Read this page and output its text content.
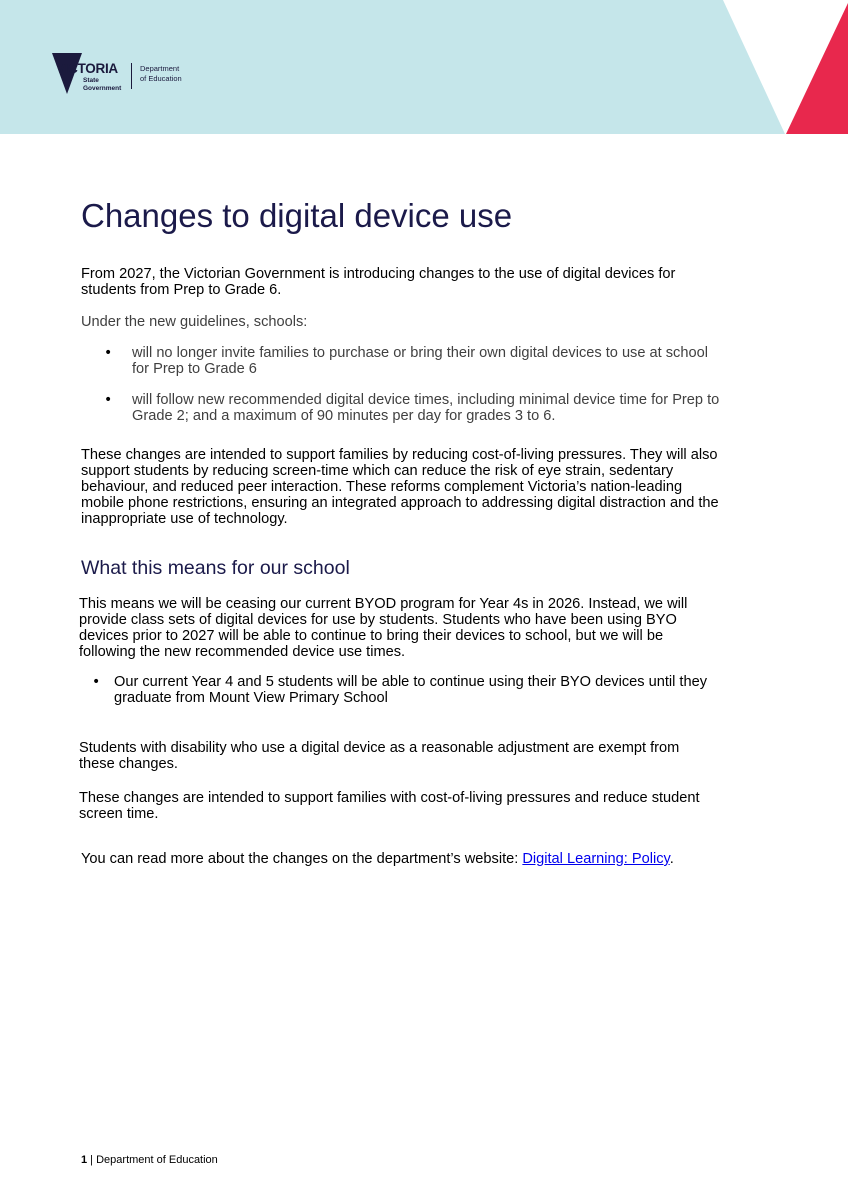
VICTORIA
State
Government
Department
of Education
Changes to digital device use

From 2027, the Victorian Government is introducing changes to the use of digital devices for
students from Prep to Grade 6.

Under the new guidelines, schools:

• will no longer invite families to purchase or bring their own digital devices to use at school
for Prep to Grade 6

• will follow new recommended digital device times, including minimal device time for Prep to
Grade 2; and a maximum of 90 minutes per day for grades 3 to 6.

These changes are intended to support families by reducing cost-of-living pressures. They will also
support students by reducing screen-time which can reduce the risk of eye strain, sedentary
behaviour, and reduced peer interaction. These reforms complement Victoria’s nation-leading
mobile phone restrictions, ensuring an integrated approach to addressing digital distraction and the
inappropriate use of technology.

What this means for our school

This means we will be ceasing our current BYOD program for Year 4s in 2026. Instead, we will
provide class sets of digital devices for use by students. Students who have been using BYO
devices prior to 2027 will be able to continue to bring their devices to school, but we will be
following the new recommended device use times.

• Our current Year 4 and 5 students will be able to continue using their BYO devices until they
graduate from Mount View Primary School

Students with disability who use a digital device as a reasonable adjustment are exempt from
these changes.

These changes are intended to support families with cost-of-living pressures and reduce student
screen time.

You can read more about the changes on the department’s website: Digital Learning: Policy.

1 | Department of Education
